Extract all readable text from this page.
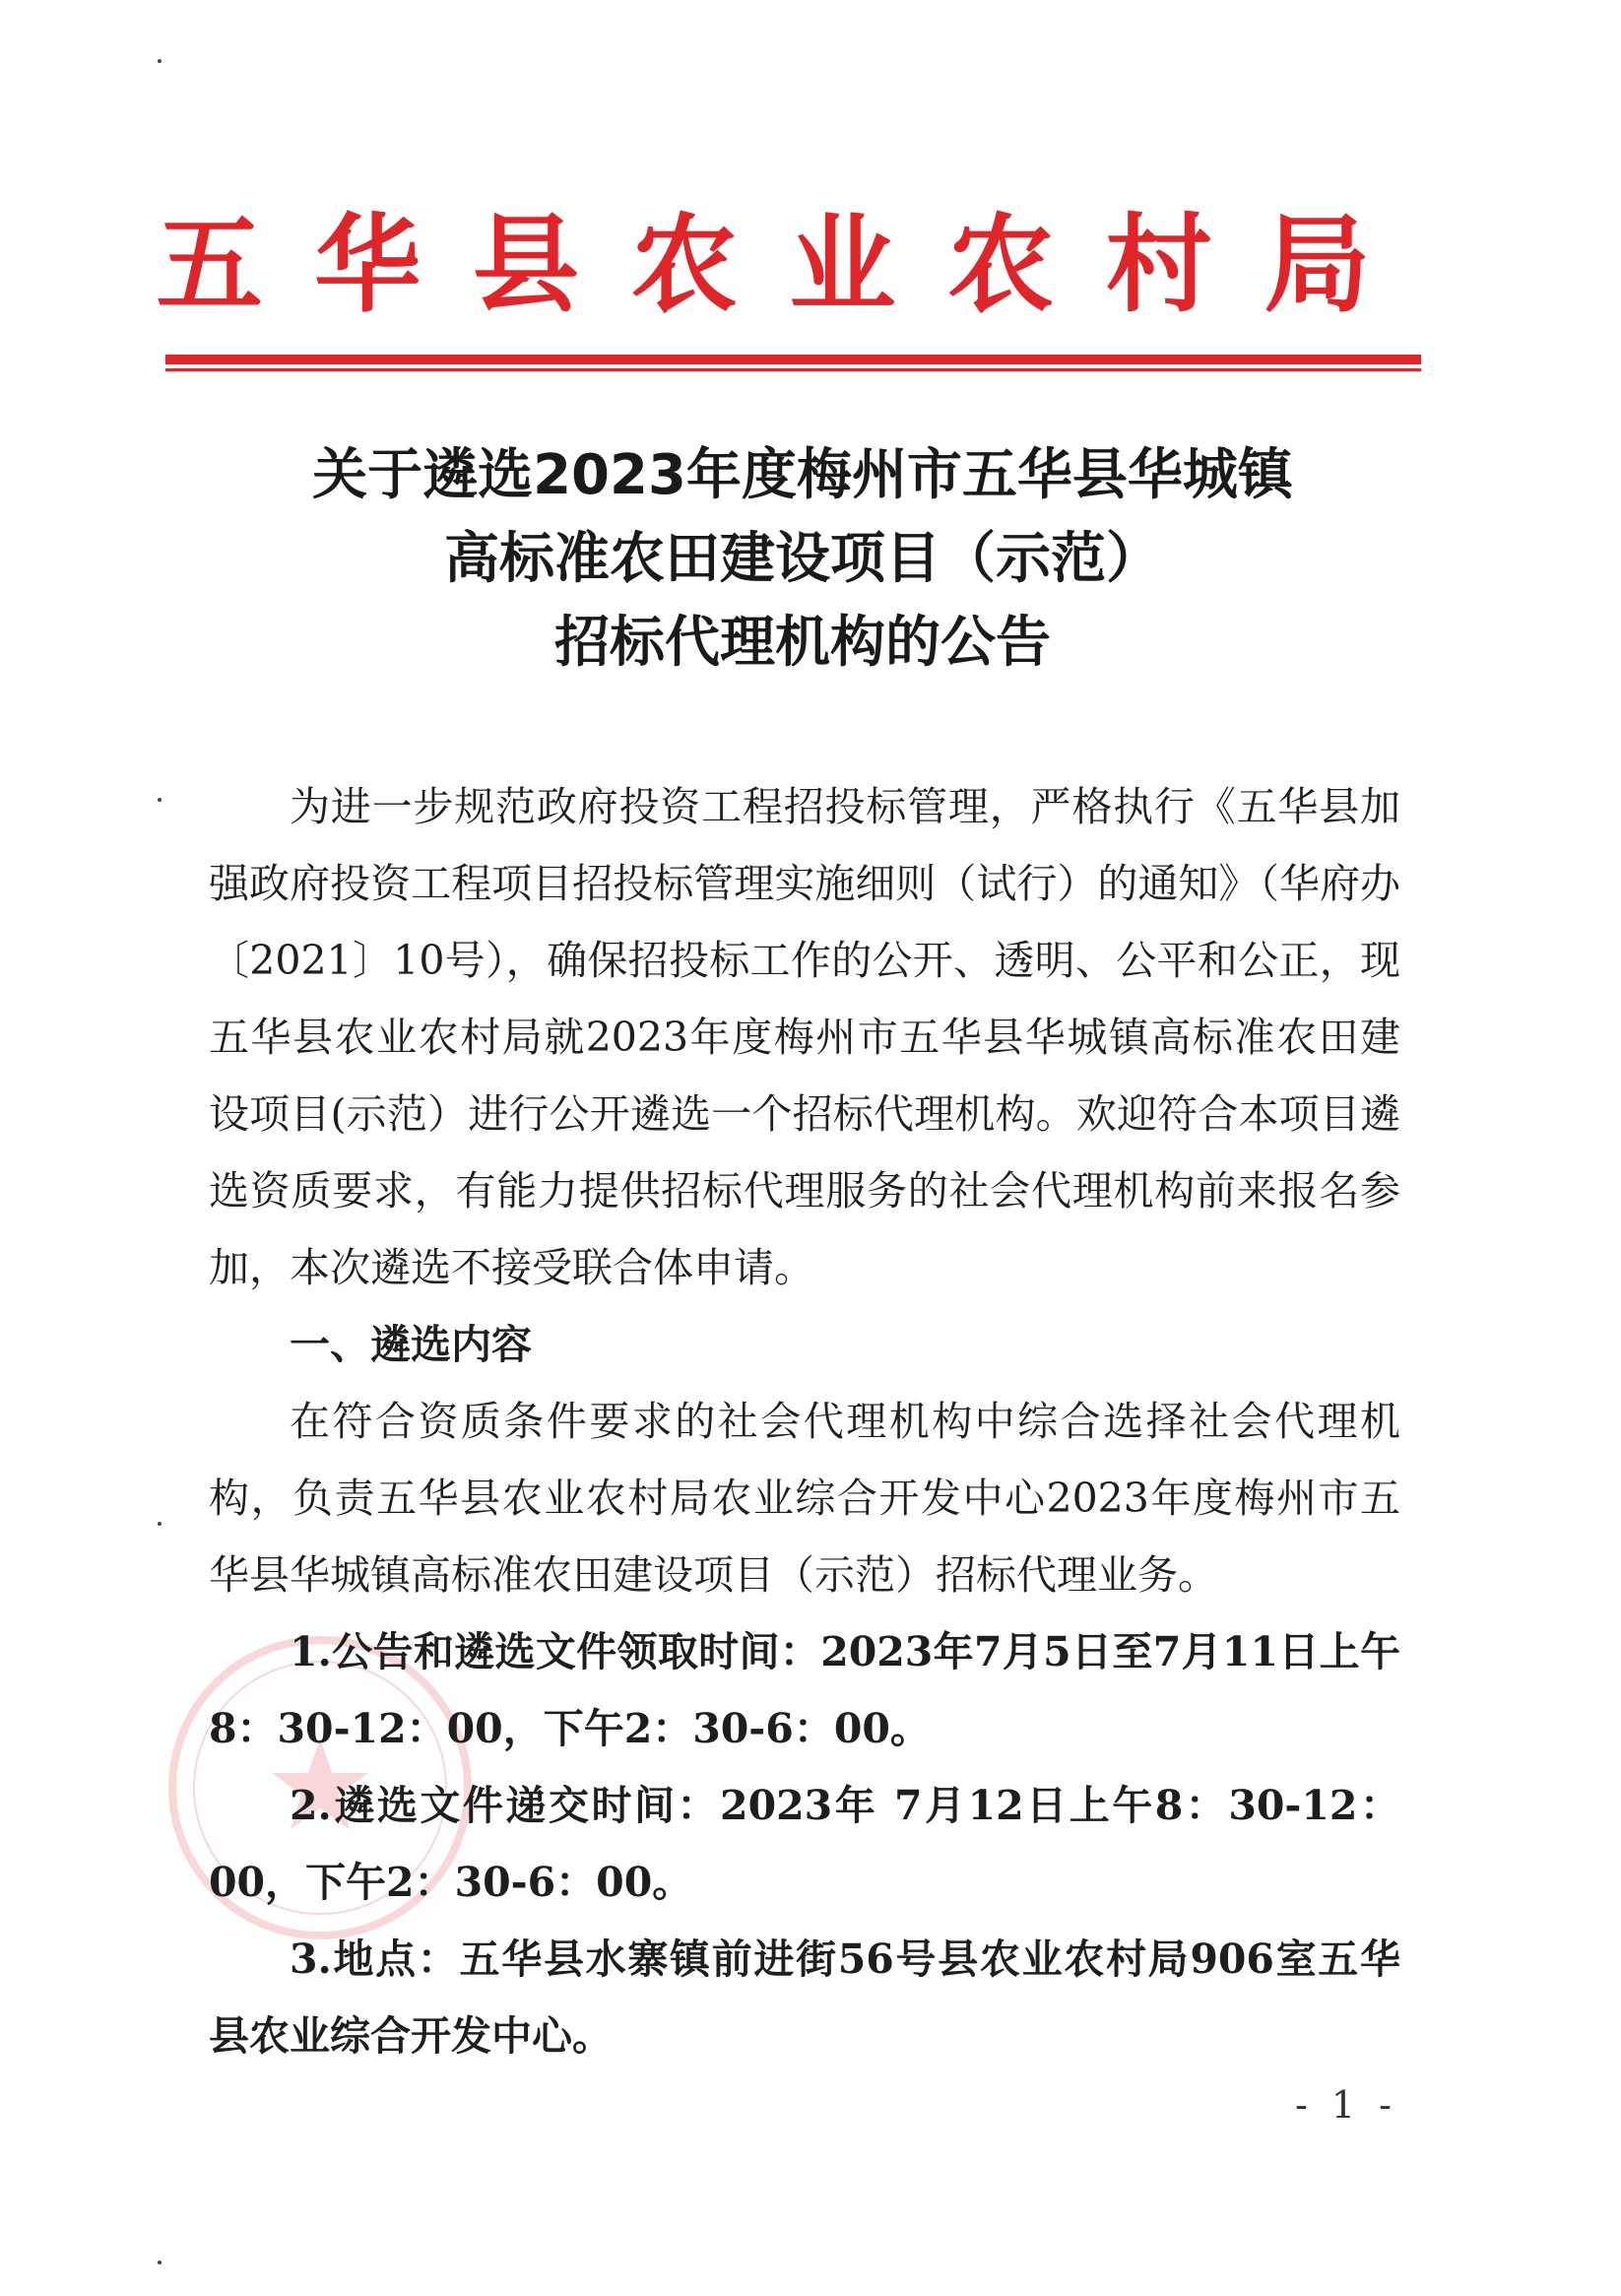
五 华 县 农 业 农 村 局
关于遴选2023年度梅州市五华县华城镇
高标准农田建设项目（示范）
招标代理机构的公告

为进一步规范政府投资工程招投标管理，严格执行《五华县加强政府投资工程项目招投标管理实施细则（试行）的通知》（华府办〔2021〕10号），确保招投标工作的公开、透明、公平和公正，现五华县农业农村局就2023年度梅州市五华县华城镇高标准农田建设项目(示范）进行公开遴选一个招标代理机构。欢迎符合本项目遴选资质要求，有能力提供招标代理服务的社会代理机构前来报名参加，本次遴选不接受联合体申请。

一、遴选内容

在符合资质条件要求的社会代理机构中综合选择社会代理机构，负责五华县农业农村局农业综合开发中心2023年度梅州市五华县华城镇高标准农田建设项目（示范）招标代理业务。

1.公告和遴选文件领取时间：2023年7月5日至7月11日上午8：30-12：00，下午2：30-6：00。

2.遴选文件递交时间：2023年 7月12日上午8：30-12：00，下午2：30-6：00。

3.地点：五华县水寨镇前进街56号县农业农村局906室五华县农业综合开发中心。

- 1 -
